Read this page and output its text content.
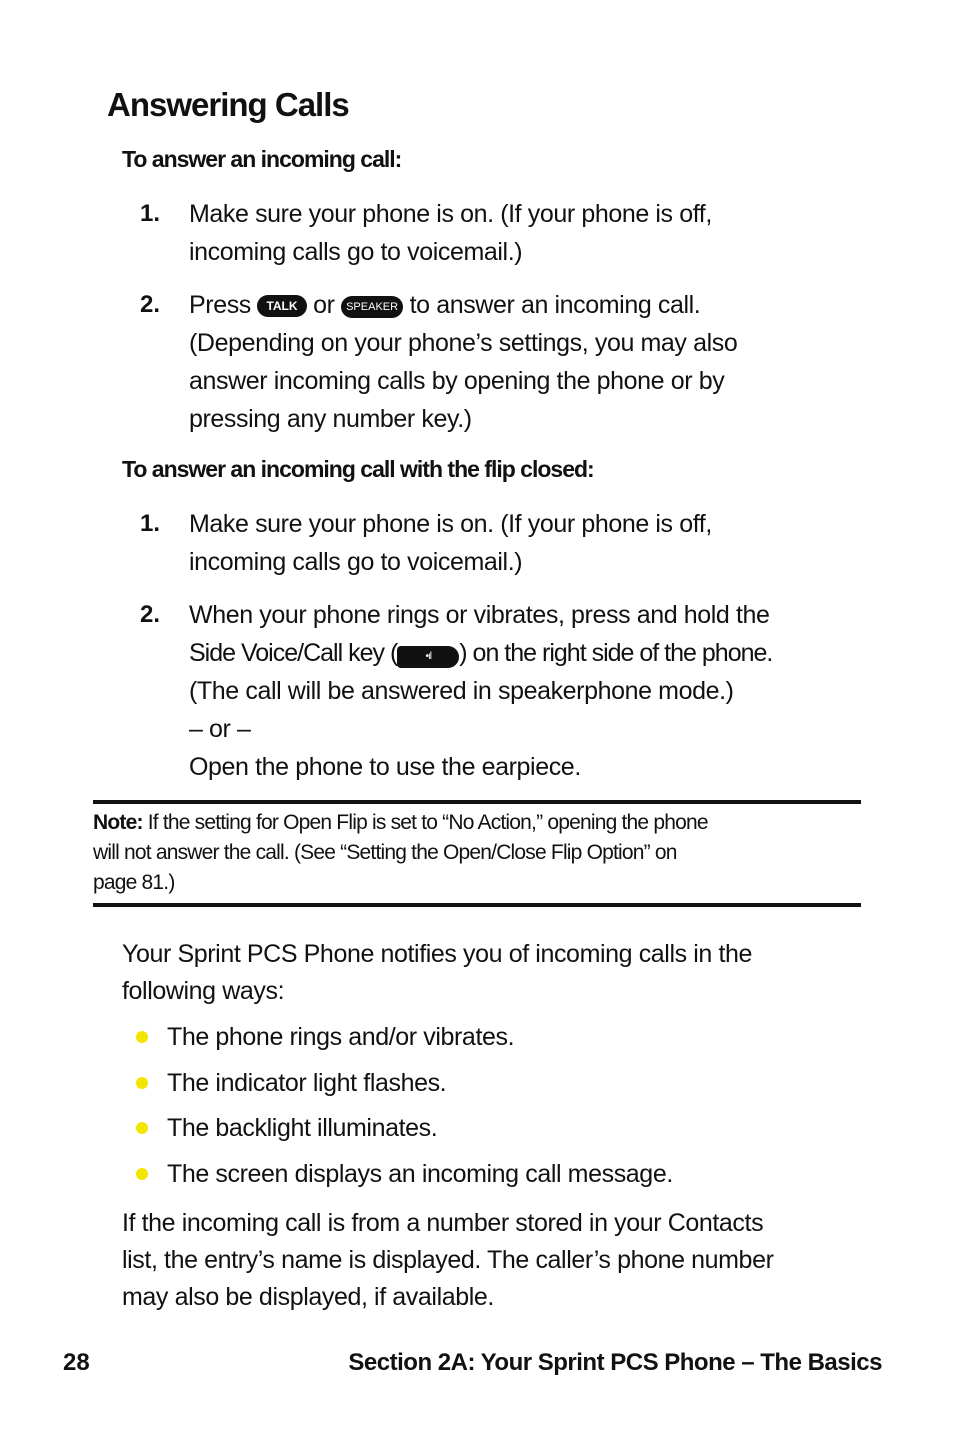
Answering Calls

To answer an incoming call:

1. Make sure your phone is on. (If your phone is off,
incoming calls go to voicemail.)
2. Press TALK or SPEAKER to answer an incoming call.
(Depending on your phone’s settings, you may also
answer incoming calls by opening the phone or by
pressing any number key.)

To answer an incoming call with the flip closed:

1. Make sure your phone is on. (If your phone is off,
incoming calls go to voicemail.)
2. When your phone rings or vibrates, press and hold the
Side Voice/Call key (	•ıl ) on the right side of the phone.
(The call will be answered in speakerphone mode.)
– or –
Open the phone to use the earpiece.
Note: If the setting for Open Flip is set to “No Action,” opening the phone
will not answer the call. (See “Setting the Open/Close Flip Option” on
page 81.)
Your Sprint PCS Phone notifies you of incoming calls in the
following ways:
The phone rings and/or vibrates.
The indicator light flashes.
The backlight illuminates.
The screen displays an incoming call message.
If the incoming call is from a number stored in your Contacts
list, the entry’s name is displayed. The caller’s phone number
may also be displayed, if available.
28	Section 2A: Your Sprint PCS Phone – The Basics
